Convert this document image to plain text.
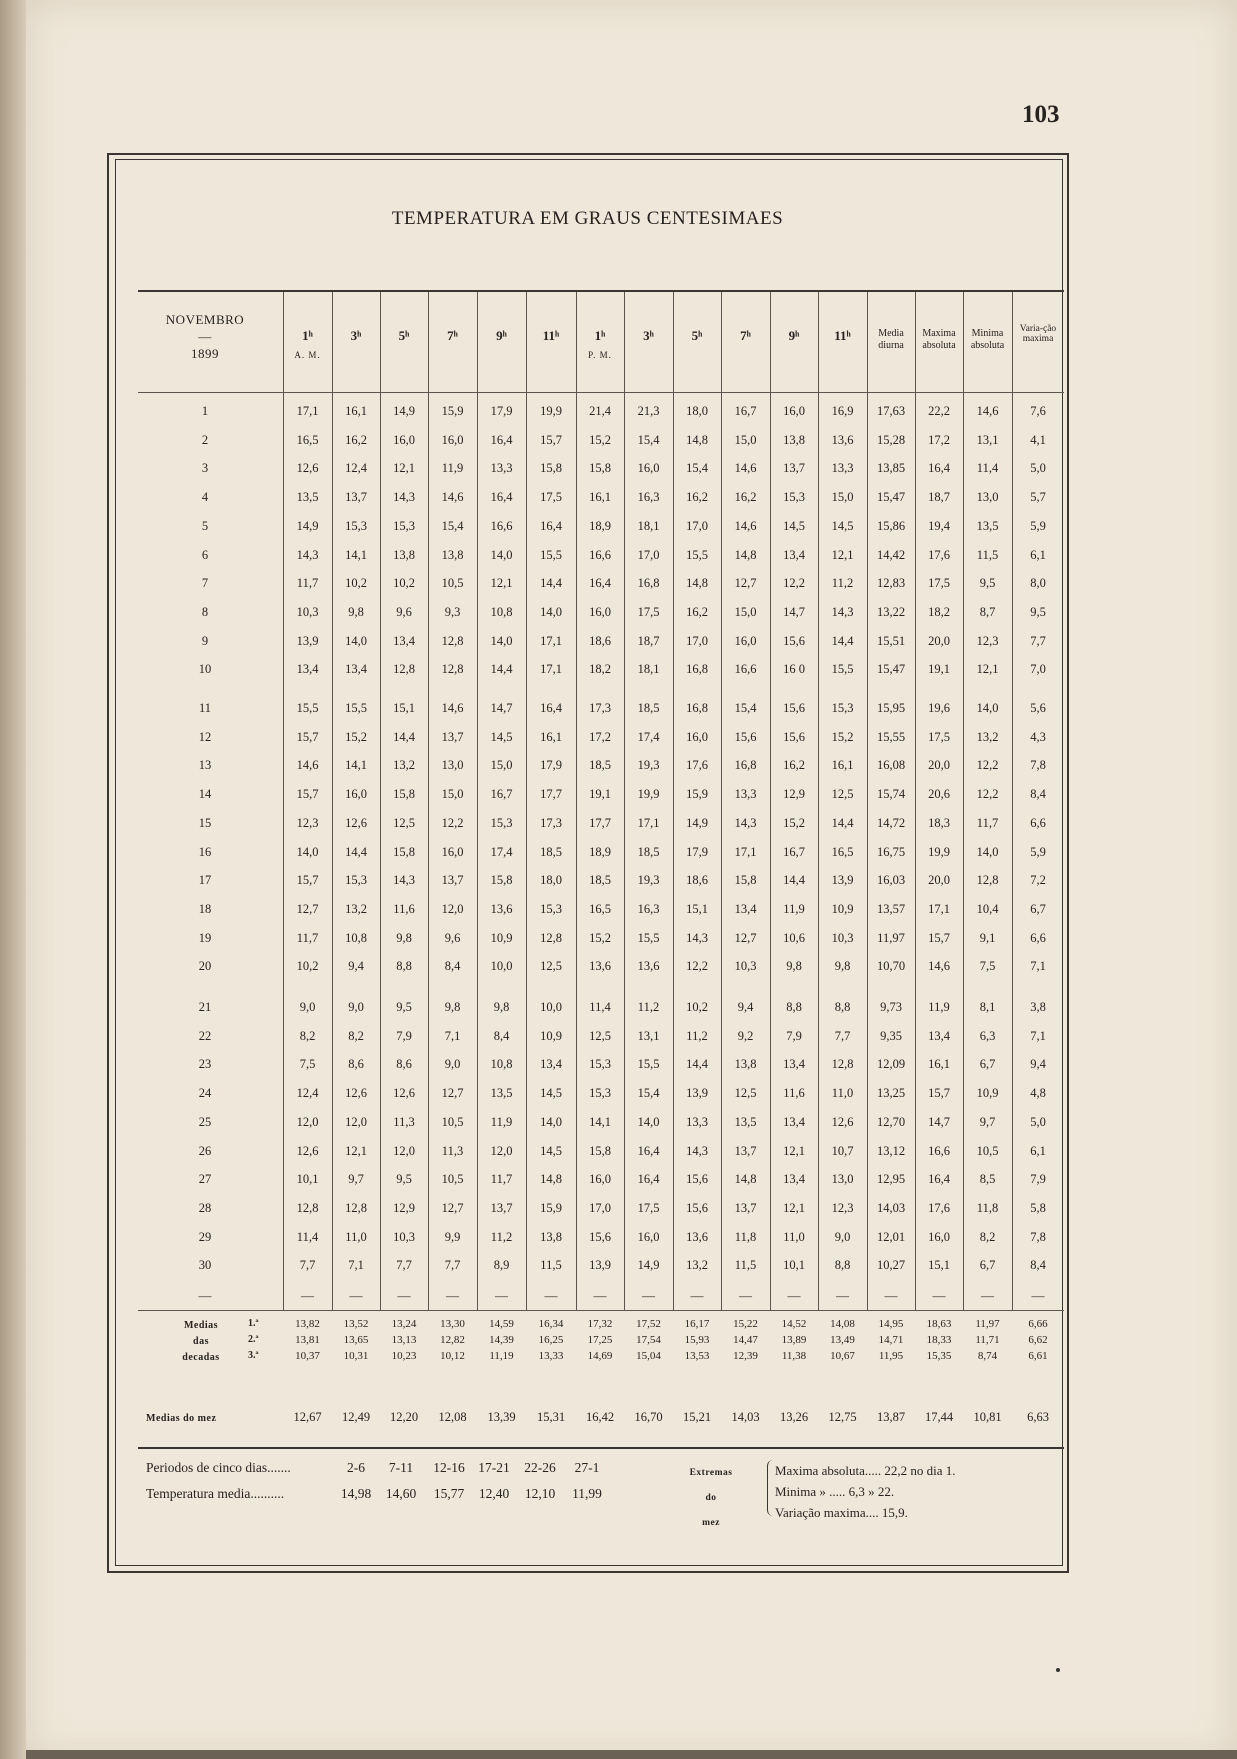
103
TEMPERATURA EM GRAUS CENTESIMAES
NOVEMBRO
—
1899
1ʰ
A. M.
3ʰ	5ʰ	7ʰ	9ʰ	11ʰ	1ʰ
P. M.
3ʰ	5ʰ	7ʰ	9ʰ	11ʰ	Media diurna
Maxima absoluta
Minima absoluta
Varia-ção maxima
1	17,1	16,1	14,9	15,9	17,9	19,9	21,4	21,3	18,0	16,7	16,0	16,9	17,63	22,2	14,6	7,6
2	16,5	16,2	16,0	16,0	16,4	15,7	15,2	15,4	14,8	15,0	13,8	13,6	15,28	17,2	13,1	4,1
3	12,6	12,4	12,1	11,9	13,3	15,8	15,8	16,0	15,4	14,6	13,7	13,3	13,85	16,4	11,4	5,0
4	13,5	13,7	14,3	14,6	16,4	17,5	16,1	16,3	16,2	16,2	15,3	15,0	15,47	18,7	13,0	5,7
5	14,9	15,3	15,3	15,4	16,6	16,4	18,9	18,1	17,0	14,6	14,5	14,5	15,86	19,4	13,5	5,9
6	14,3	14,1	13,8	13,8	14,0	15,5	16,6	17,0	15,5	14,8	13,4	12,1	14,42	17,6	11,5	6,1
7	11,7	10,2	10,2	10,5	12,1	14,4	16,4	16,8	14,8	12,7	12,2	11,2	12,83	17,5	9,5	8,0
8	10,3	9,8	9,6	9,3	10,8	14,0	16,0	17,5	16,2	15,0	14,7	14,3	13,22	18,2	8,7	9,5
9	13,9	14,0	13,4	12,8	14,0	17,1	18,6	18,7	17,0	16,0	15,6	14,4	15,51	20,0	12,3	7,7
10	13,4	13,4	12,8	12,8	14,4	17,1	18,2	18,1	16,8	16,6	16 0	15,5	15,47	19,1	12,1	7,0
11	15,5	15,5	15,1	14,6	14,7	16,4	17,3	18,5	16,8	15,4	15,6	15,3	15,95	19,6	14,0	5,6
12	15,7	15,2	14,4	13,7	14,5	16,1	17,2	17,4	16,0	15,6	15,6	15,2	15,55	17,5	13,2	4,3
13	14,6	14,1	13,2	13,0	15,0	17,9	18,5	19,3	17,6	16,8	16,2	16,1	16,08	20,0	12,2	7,8
14	15,7	16,0	15,8	15,0	16,7	17,7	19,1	19,9	15,9	13,3	12,9	12,5	15,74	20,6	12,2	8,4
15	12,3	12,6	12,5	12,2	15,3	17,3	17,7	17,1	14,9	14,3	15,2	14,4	14,72	18,3	11,7	6,6
16	14,0	14,4	15,8	16,0	17,4	18,5	18,9	18,5	17,9	17,1	16,7	16,5	16,75	19,9	14,0	5,9
17	15,7	15,3	14,3	13,7	15,8	18,0	18,5	19,3	18,6	15,8	14,4	13,9	16,03	20,0	12,8	7,2
18	12,7	13,2	11,6	12,0	13,6	15,3	16,5	16,3	15,1	13,4	11,9	10,9	13,57	17,1	10,4	6,7
19	11,7	10,8	9,8	9,6	10,9	12,8	15,2	15,5	14,3	12,7	10,6	10,3	11,97	15,7	9,1	6,6
20	10,2	9,4	8,8	8,4	10,0	12,5	13,6	13,6	12,2	10,3	9,8	9,8	10,70	14,6	7,5	7,1
21	9,0	9,0	9,5	9,8	9,8	10,0	11,4	11,2	10,2	9,4	8,8	8,8	9,73	11,9	8,1	3,8
22	8,2	8,2	7,9	7,1	8,4	10,9	12,5	13,1	11,2	9,2	7,9	7,7	9,35	13,4	6,3	7,1
23	7,5	8,6	8,6	9,0	10,8	13,4	15,3	15,5	14,4	13,8	13,4	12,8	12,09	16,1	6,7	9,4
24	12,4	12,6	12,6	12,7	13,5	14,5	15,3	15,4	13,9	12,5	11,6	11,0	13,25	15,7	10,9	4,8
25	12,0	12,0	11,3	10,5	11,9	14,0	14,1	14,0	13,3	13,5	13,4	12,6	12,70	14,7	9,7	5,0
26	12,6	12,1	12,0	11,3	12,0	14,5	15,8	16,4	14,3	13,7	12,1	10,7	13,12	16,6	10,5	6,1
27	10,1	9,7	9,5	10,5	11,7	14,8	16,0	16,4	15,6	14,8	13,4	13,0	12,95	16,4	8,5	7,9
28	12,8	12,8	12,9	12,7	13,7	15,9	17,0	17,5	15,6	13,7	12,1	12,3	14,03	17,6	11,8	5,8
29	11,4	11,0	10,3	9,9	11,2	13,8	15,6	16,0	13,6	11,8	11,0	9,0	12,01	16,0	8,2	7,8
30	7,7	7,1	7,7	7,7	8,9	11,5	13,9	14,9	13,2	11,5	10,1	8,8	10,27	15,1	6,7	8,4
—	—	—	—	—	—	—	—	—	—	—	—	—	—	—	—	—
13,82	13,52	13,24	13,30	14,59	16,34	17,32	17,52	16,17	15,22	14,52	14,08	14,95	18,63	11,97	6,66
13,81	13,65	13,13	12,82	14,39	16,25	17,25	17,54	15,93	14,47	13,89	13,49	14,71	18,33	11,71	6,62
10,37	10,31	10,23	10,12	11,19	13,33	14,69	15,04	13,53	12,39	11,38	10,67	11,95	15,35	8,74	6,61
12,67	12,49	12,20	12,08	13,39	15,31	16,42	16,70	15,21	14,03	13,26	12,75	13,87	17,44	10,81	6,63
Medias
das
decadas
1.ª
2.ª
3.ª
Medias do mez
Periodos de cinco dias.......
Temperatura media..........
2-6	7-11	12-16	17-21	22-26	27-1
14,98	14,60	15,77	12,40	12,10	11,99
Extremas
do
mez
Maxima absoluta..... 22,2 no dia 1.
Minima » ..... 6,3 » 22.
Variação maxima.... 15,9.
